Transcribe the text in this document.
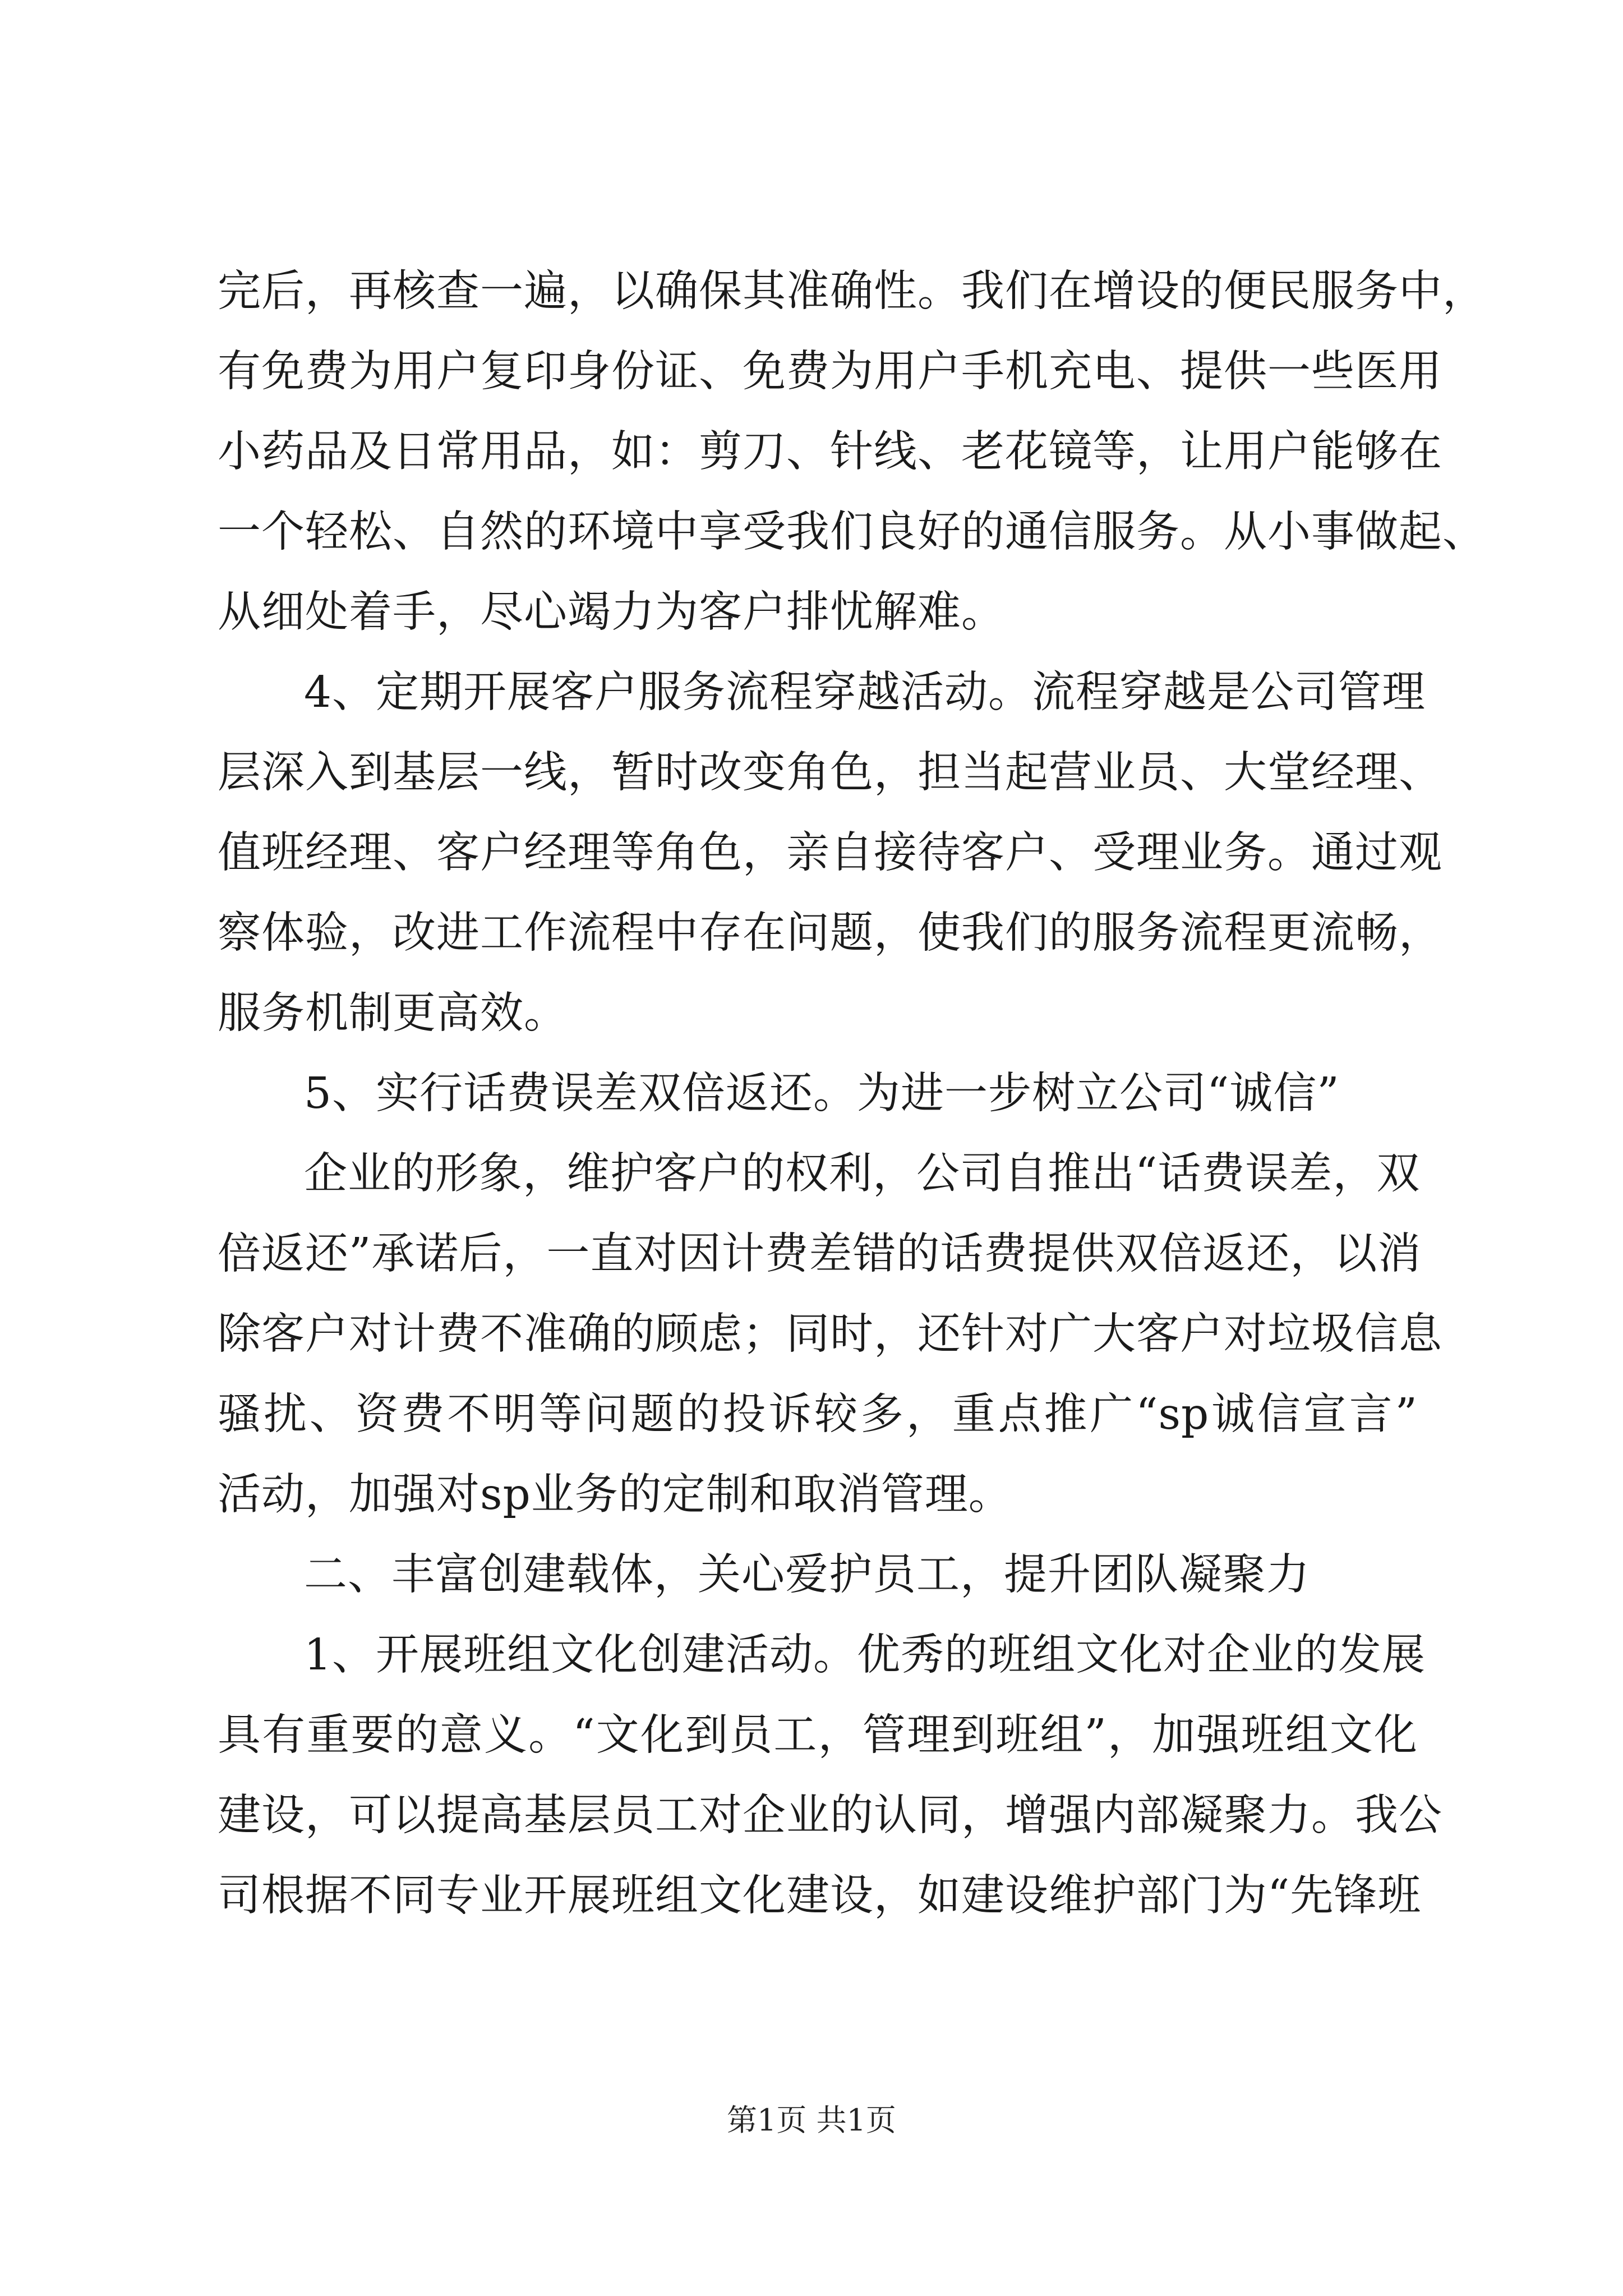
完后，再核查一遍，以确保其准确性。我们在增设的便民服务中，
有免费为用户复印身份证、免费为用户手机充电、提供一些医用
小药品及日常用品，如：剪刀、针线、老花镜等，让用户能够在
一个轻松、自然的环境中享受我们良好的通信服务。从小事做起、
从细处着手，尽心竭力为客户排忧解难。
4、定期开展客户服务流程穿越活动。流程穿越是公司管理
层深入到基层一线，暂时改变角色，担当起营业员、大堂经理、
值班经理、客户经理等角色，亲自接待客户、受理业务。通过观
察体验，改进工作流程中存在问题，使我们的服务流程更流畅，
服务机制更高效。
5、实行话费误差双倍返还。为进一步树立公司“诚信”
企业的形象，维护客户的权利，公司自推出“话费误差，双
倍返还”承诺后，一直对因计费差错的话费提供双倍返还，以消
除客户对计费不准确的顾虑；同时，还针对广大客户对垃圾信息
骚扰、资费不明等问题的投诉较多，重点推广“sp诚信宣言”
活动，加强对sp业务的定制和取消管理。
二、丰富创建载体，关心爱护员工，提升团队凝聚力
1、开展班组文化创建活动。优秀的班组文化对企业的发展
具有重要的意义。“文化到员工，管理到班组”，加强班组文化
建设，可以提高基层员工对企业的认同，增强内部凝聚力。我公
司根据不同专业开展班组文化建设，如建设维护部门为“先锋班
第1页 共1页
